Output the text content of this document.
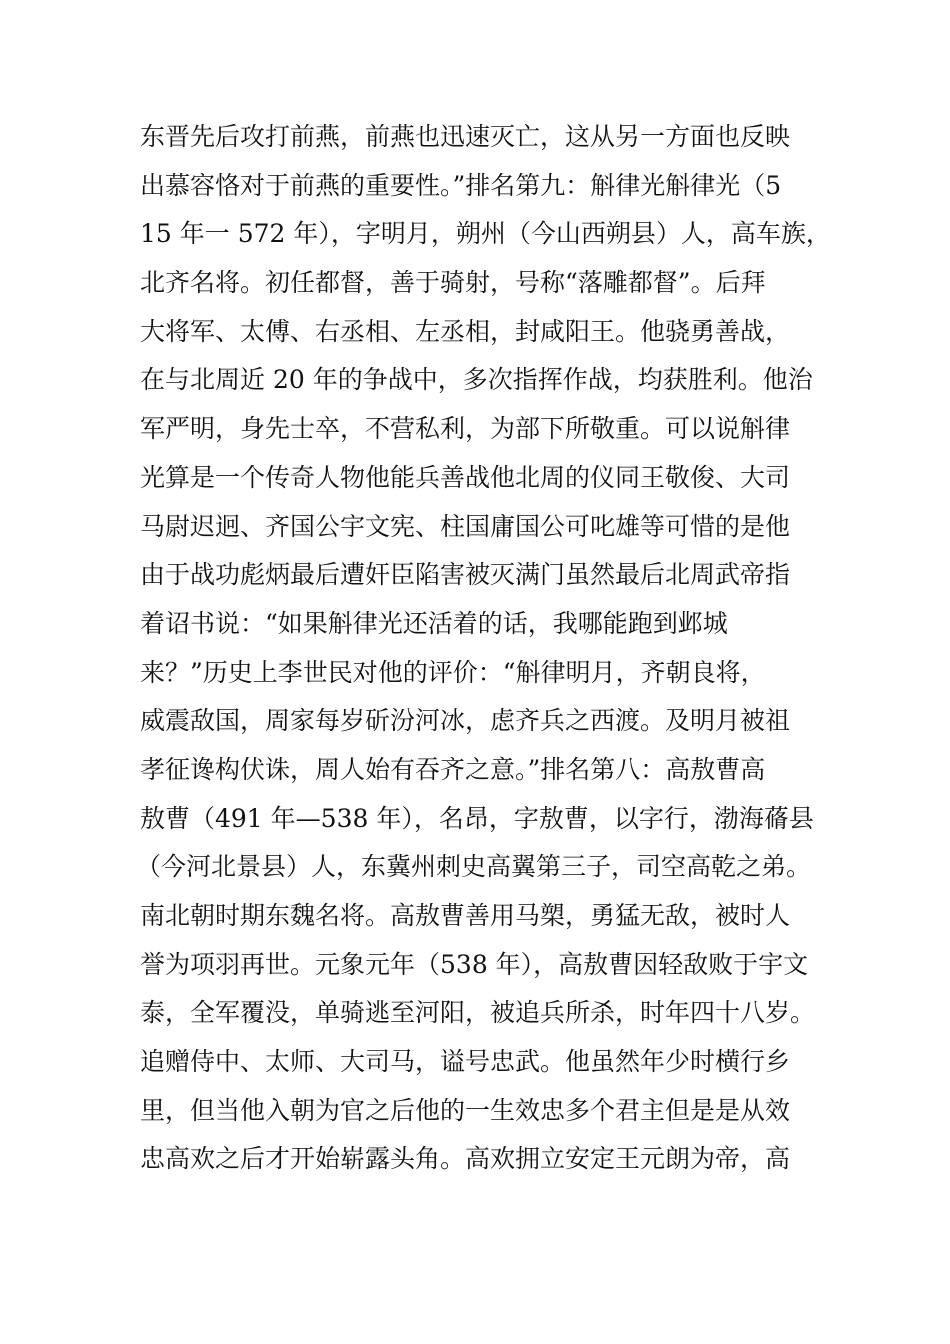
东晋先后攻打前燕，前燕也迅速灭亡，这从另一方面也反映
出慕容恪对于前燕的重要性。”排名第九：斛律光斛律光（5
15 年一 572 年），字明月，朔州（今山西朔县）人，高车族，
北齐名将。初任都督，善于骑射，号称“落雕都督”。后拜
大将军、太傅、右丞相、左丞相，封咸阳王。他骁勇善战，
在与北周近 20 年的争战中，多次指挥作战，均获胜利。他治
军严明，身先士卒，不营私利，为部下所敬重。可以说斛律
光算是一个传奇人物他能兵善战他北周的仪同王敬俊、大司
马尉迟迥、齐国公宇文宪、柱国庸国公可叱雄等可惜的是他
由于战功彪炳最后遭奸臣陷害被灭满门虽然最后北周武帝指
着诏书说：“如果斛律光还活着的话，我哪能跑到邺城
来？”历史上李世民对他的评价：“斛律明月，齐朝良将，
威震敌国，周家每岁斫汾河冰，虑齐兵之西渡。及明月被祖
孝征谗构伏诛，周人始有吞齐之意。”排名第八：高敖曹高
敖曹（491 年—538 年），名昂，字敖曹，以字行，渤海蓨县
（今河北景县）人，东冀州刺史高翼第三子，司空高乾之弟。
南北朝时期东魏名将。高敖曹善用马槊，勇猛无敌，被时人
誉为项羽再世。元象元年（538 年），高敖曹因轻敌败于宇文
泰，全军覆没，单骑逃至河阳，被追兵所杀，时年四十八岁。
追赠侍中、太师、大司马，谥号忠武。他虽然年少时横行乡
里，但当他入朝为官之后他的一生效忠多个君主但是是从效
忠高欢之后才开始崭露头角。高欢拥立安定王元朗为帝，高
